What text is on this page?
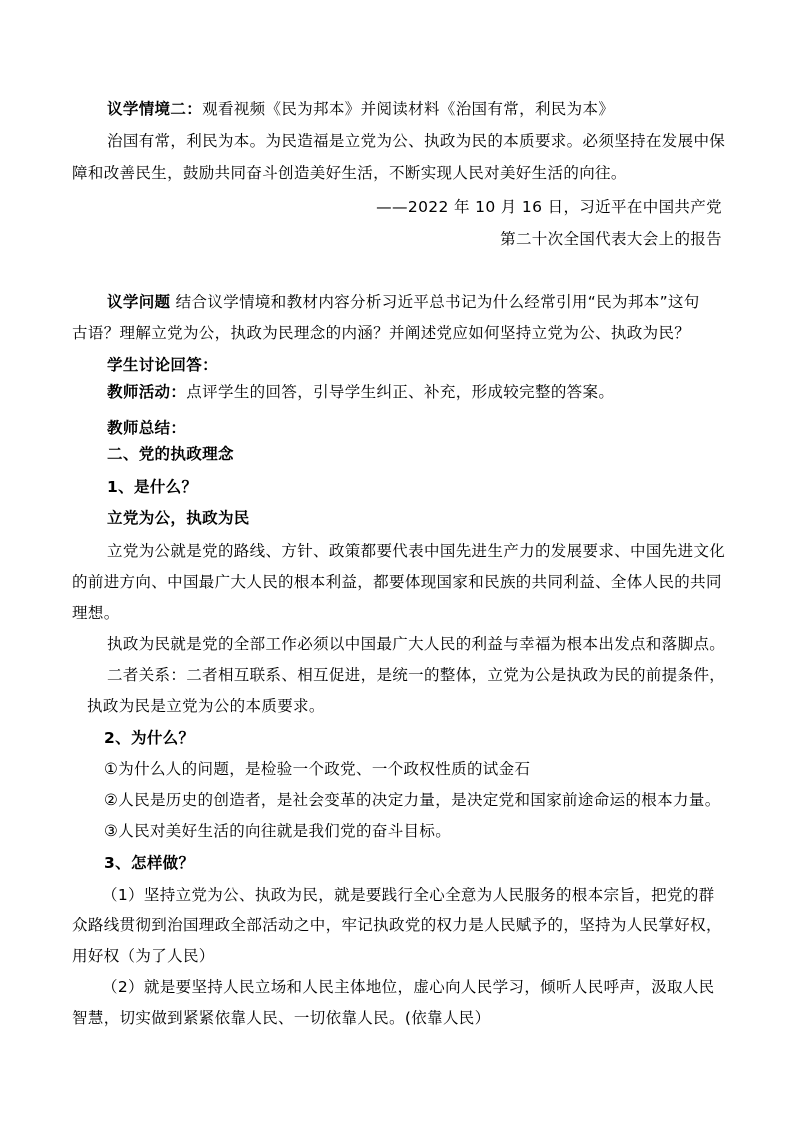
议学情境二：观看视频《民为邦本》并阅读材料《治国有常，利民为本》
治国有常，利民为本。为民造福是立党为公、执政为民的本质要求。必须坚持在发展中保
障和改善民生，鼓励共同奋斗创造美好生活，不断实现人民对美好生活的向往。
——2022 年 10 月 16 日，习近平在中国共产党
第二十次全国代表大会上的报告
议学问题 结合议学情境和教材内容分析习近平总书记为什么经常引用“民为邦本”这句
古语？理解立党为公，执政为民理念的内涵？并阐述党应如何坚持立党为公、执政为民？
学生讨论回答：
教师活动：点评学生的回答，引导学生纠正、补充，形成较完整的答案。
教师总结：
二、党的执政理念
1、是什么？
立党为公，执政为民
立党为公就是党的路线、方针、政策都要代表中国先进生产力的发展要求、中国先进文化
的前进方向、中国最广大人民的根本利益，都要体现国家和民族的共同利益、全体人民的共同
理想。
执政为民就是党的全部工作必须以中国最广大人民的利益与幸福为根本出发点和落脚点。
二者关系：二者相互联系、相互促进，是统一的整体，立党为公是执政为民的前提条件，
执政为民是立党为公的本质要求。
2、为什么？
①为什么人的问题，是检验一个政党、一个政权性质的试金石
②人民是历史的创造者，是社会变革的决定力量，是决定党和国家前途命运的根本力量。
③人民对美好生活的向往就是我们党的奋斗目标。
3、怎样做？
（1）坚持立党为公、执政为民，就是要践行全心全意为人民服务的根本宗旨，把党的群
众路线贯彻到治国理政全部活动之中，牢记执政党的权力是人民赋予的，坚持为人民掌好权，
用好权（为了人民）
（2）就是要坚持人民立场和人民主体地位，虚心向人民学习，倾听人民呼声，汲取人民
智慧，切实做到紧紧依靠人民、一切依靠人民。(依靠人民）
